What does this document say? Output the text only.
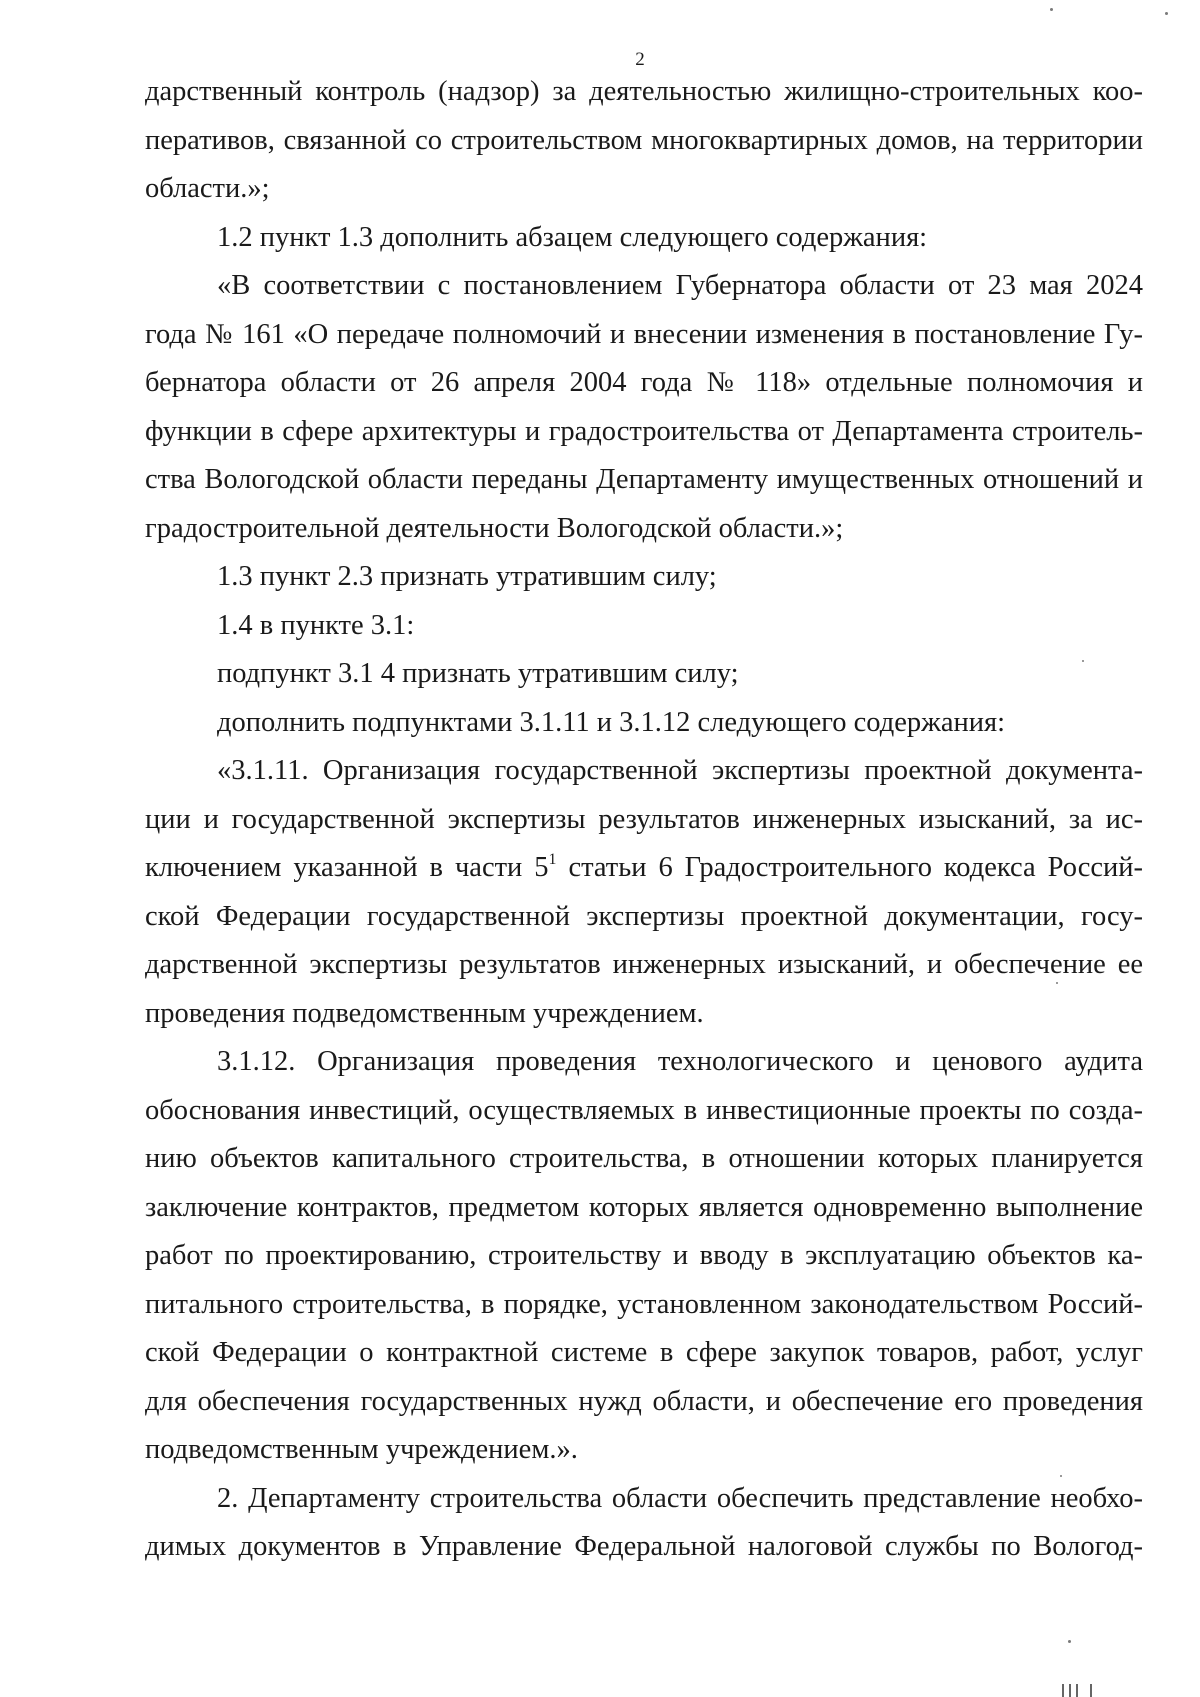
2
дарственный контроль (надзор) за деятельностью жилищно-строительных коо-
перативов, связанной со строительством многоквартирных домов, на территории
области.»;
1.2 пункт 1.3 дополнить абзацем следующего содержания:
«В соответствии с постановлением Губернатора области от 23 мая 2024
года № 161 «О передаче полномочий и внесении изменения в постановление Гу-
бернатора области от 26 апреля 2004 года № 118» отдельные полномочия и
функции в сфере архитектуры и градостроительства от Департамента строитель-
ства Вологодской области переданы Департаменту имущественных отношений и
градостроительной деятельности Вологодской области.»;
1.3 пункт 2.3 признать утратившим силу;
1.4 в пункте 3.1:
подпункт 3.1 4 признать утратившим силу;
дополнить подпунктами 3.1.11 и 3.1.12 следующего содержания:
«3.1.11. Организация государственной экспертизы проектной документа-
ции и государственной экспертизы результатов инженерных изысканий, за ис-
ключением указанной в части $5^1$ статьи 6 Градостроительного кодекса Россий-
ской Федерации государственной экспертизы проектной документации, госу-
дарственной экспертизы результатов инженерных изысканий, и обеспечение ее
проведения подведомственным учреждением.
3.1.12. Организация проведения технологического и ценового аудита
обоснования инвестиций, осуществляемых в инвестиционные проекты по созда-
нию объектов капитального строительства, в отношении которых планируется
заключение контрактов, предметом которых является одновременно выполнение
работ по проектированию, строительству и вводу в эксплуатацию объектов ка-
питального строительства, в порядке, установленном законодательством Россий-
ской Федерации о контрактной системе в сфере закупок товаров, работ, услуг
для обеспечения государственных нужд области, и обеспечение его проведения
подведомственным учреждением.».
2. Департаменту строительства области обеспечить представление необхо-
димых документов в Управление Федеральной налоговой службы по Вологод-
